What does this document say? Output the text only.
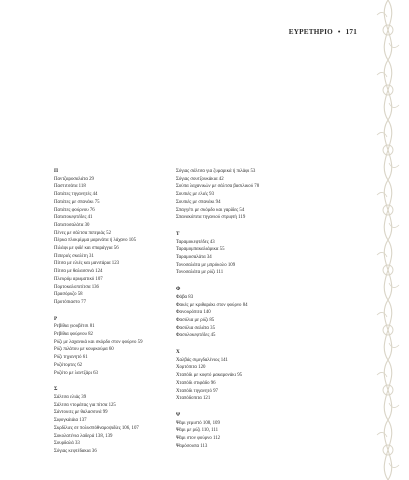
ΕΥΡΕΤΗΡΙΟ • 171
Π
Παντζαροσαλάτα 29
Παστιτσάτα 118
Πατάτες τηγανητές 44
Πατάτες με σπανάκι 75
Πατάτες φούρνου 76
Πατατοκεφτέδες 41
Πατατοσαλάτα 30
Πένες με σάλτσα πιπεριάς 52
Πέρκα πλοκρίμμα μαρινάτα ή λάχανο 105
Πιλάφι με φιδέ και σπαράγγια 56
Πιπεριές σκαλίτη 31
Πίτσα με ελιές και μανιτάρια 123
Πίτσα με θαλασσινά 124
Πλευρόμ αρωματικό 107
Πορτοκαλοπιτίτσα 136
Πρασόρυζο 58
Προτόπιαστο 77
Ρ
Ρεβίθια γιουβέτσι 81
Ρεβίθια φούρνου 82
Ρύζι με λαχανικά και σκόρδο στον φούρνο 59
Ρύζι πιλάτου με κουρκούμα 60
Ρύζι τηγανητό 61
Ρυζότορτες 62
Ρυζότο με λαντζάρι 63
Σ
Σάλτσα ελιάς 39
Σάλτσα ντομάτας για πίτσα 125
Σάντουιτς με θαλασσινά 99
Σιφογκάιάια 137
Σκρδίλιες σε πολυσπόθναροψιδίες 106, 107
Σοκολατένια λαδερά 138, 139
Σουρδαλά 33
Σόγιας κεφτέδακια 36
Σόγιας σάλτσα για ζυμαρικά ή πιλάφι 53
Σόγιας σουτζουκάκια 42
Σούπα λαχανικών με σάλτσα βασιλικού 78
Σουπιές με ελιές 93
Σουπιές με σπανάκι 94
Σπαγγέτι με σκόρδο και γαρίδες 54
Σπανακόπιτα τηγανιού στριφτή 119
Τ
Ταραμοκεφτέδες 43
Ταραμομπακαλιάρικα 55
Ταραμοσαλάτα 34
Τονοσαλάτα με μπρόκολο 109
Τονοσαλάτα με ρύζι 111
Φ
Φάβα 83
Φακές με κριθαράκι στον φούρνο 84
Φανουρόπιτα 140
Φασόλια με ρύζι 85
Φασόλια σαλάτα 35
Φασολοκεφτέδες 45
Χ
Χαλβάς σιμιγδαλένιος 141
Χορτόπιτα 120
Χταπόδι με κοφτό μακαρονάκι 95
Χταπόδι στιφάδο 96
Χταπόδι τηγανητό 97
Χταπόδοπιτα 121
Ψ
Ψάρι γεμιστό 108, 109
Ψάρι με ρύζι 110, 111
Ψάρι στον φούρνο 112
Ψαρόσουπα 113
